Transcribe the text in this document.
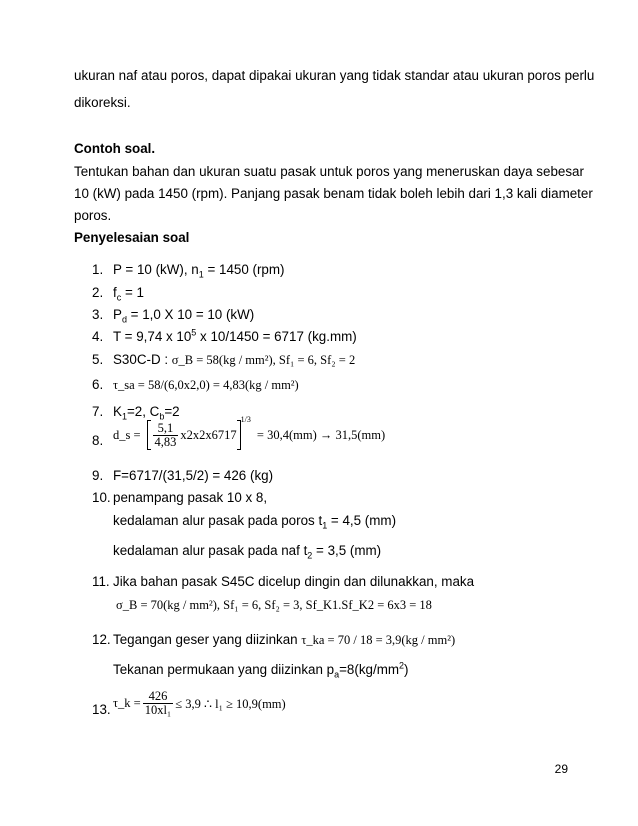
ukuran naf atau poros, dapat dipakai ukuran yang tidak standar atau ukuran poros perlu
dikoreksi.
Contoh soal.
Tentukan bahan dan ukuran suatu pasak untuk poros yang meneruskan daya sebesar
10 (kW) pada 1450 (rpm). Panjang pasak benam tidak boleh lebih dari 1,3 kali diameter
poros.
Penyelesaian soal
1. P = 10 (kW), $n_1 = 1450$ (rpm)
2. $f_c = 1$
3. $P_d = 1,0$ X 10 = 10 (kW)
4. T = 9,74 x $10^5$ x 10/1450 = 6717 (kg.mm)
5. S30C-D : σ_B = 58(kg / mm²), Sf₁ = 6, Sf₂ = 2
6. τ_sa = 58/(6,0x2,0) = 4,83(kg / mm²)
7. $K_1=2$, $C_b=2$
8. d_s = $\frac{5,1}{4,83} x2x2x6717$
1/3
= 30,4(mm) → 31,5(mm)
9. F=6717/(31,5/2) = 426 (kg)
10. penampang pasak 10 x 8,
kedalaman alur pasak pada poros $t_1 = 4,5$ (mm)
kedalaman alur pasak pada naf $t_2 = 3,5$ (mm)
11. Jika bahan pasak S45C dicelup dingin dan dilunakkan, maka
σ_B = 70(kg / mm²), Sf₁ = 6, Sf₂ = 3, Sf_K1.Sf_K2 = 6x3 = 18
12. Tegangan geser yang diizinkan τ_ka = 70 / 18 = 3,9(kg / mm²)
Tekanan permukaan yang diizinkan $p_a=8(kg/mm^2)$
13. τ_k = $\frac{426}{\text{10xl₁}} \le 3,9$ ∴ l₁ ≥ 10,9(mm)
29
